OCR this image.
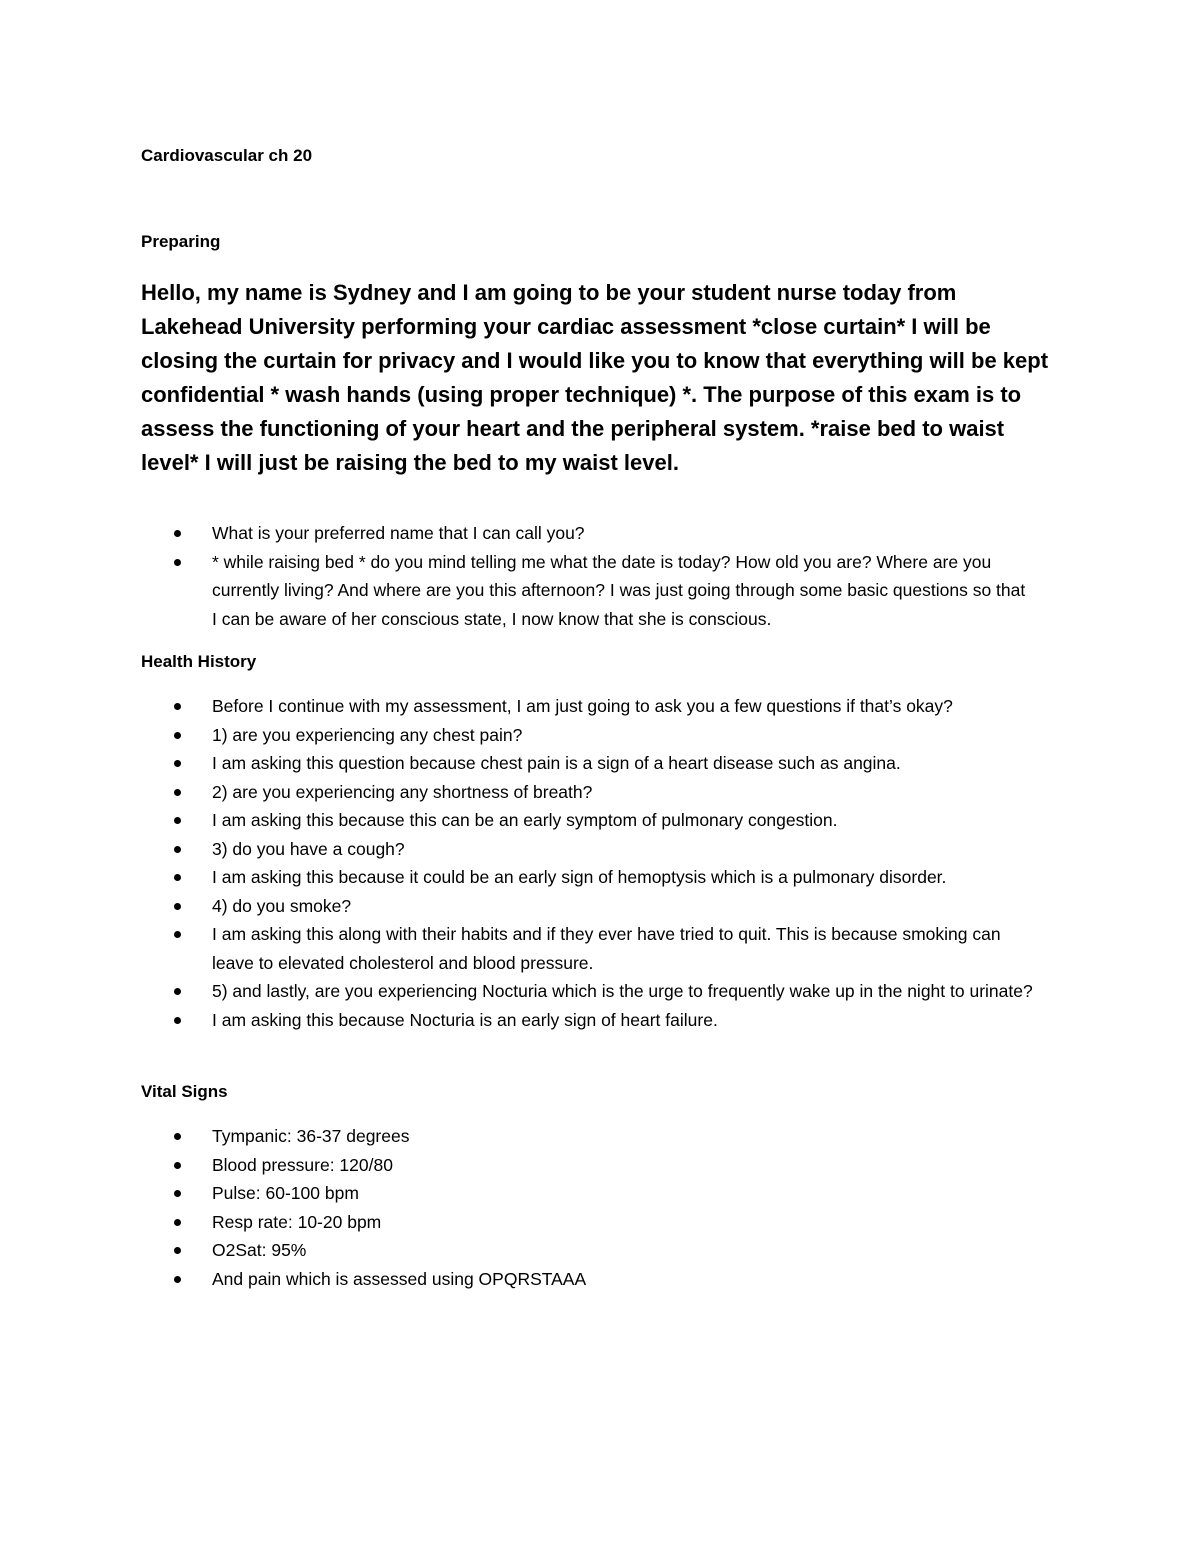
Cardiovascular ch 20
Preparing
Hello, my name is Sydney and I am going to be your student nurse today from Lakehead University performing your cardiac assessment *close curtain* I will be closing the curtain for privacy and I would like you to know that everything will be kept confidential * wash hands (using proper technique) *. The purpose of this exam is to assess the functioning of your heart and the peripheral system. *raise bed to waist level* I will just be raising the bed to my waist level.
What is your preferred name that I can call you?
* while raising bed * do you mind telling me what the date is today? How old you are? Where are you currently living? And where are you this afternoon? I was just going through some basic questions so that I can be aware of her conscious state, I now know that she is conscious.
Health History
Before I continue with my assessment, I am just going to ask you a few questions if that’s okay?
1) are you experiencing any chest pain?
I am asking this question because chest pain is a sign of a heart disease such as angina.
2) are you experiencing any shortness of breath?
I am asking this because this can be an early symptom of pulmonary congestion.
3) do you have a cough?
I am asking this because it could be an early sign of hemoptysis which is a pulmonary disorder.
4) do you smoke?
I am asking this along with their habits and if they ever have tried to quit. This is because smoking can leave to elevated cholesterol and blood pressure.
5) and lastly, are you experiencing Nocturia which is the urge to frequently wake up in the night to urinate?
I am asking this because Nocturia is an early sign of heart failure.
Vital Signs
Tympanic: 36-37 degrees
Blood pressure: 120/80
Pulse: 60-100 bpm
Resp rate: 10-20 bpm
O2Sat: 95%
And pain which is assessed using OPQRSTAAA
